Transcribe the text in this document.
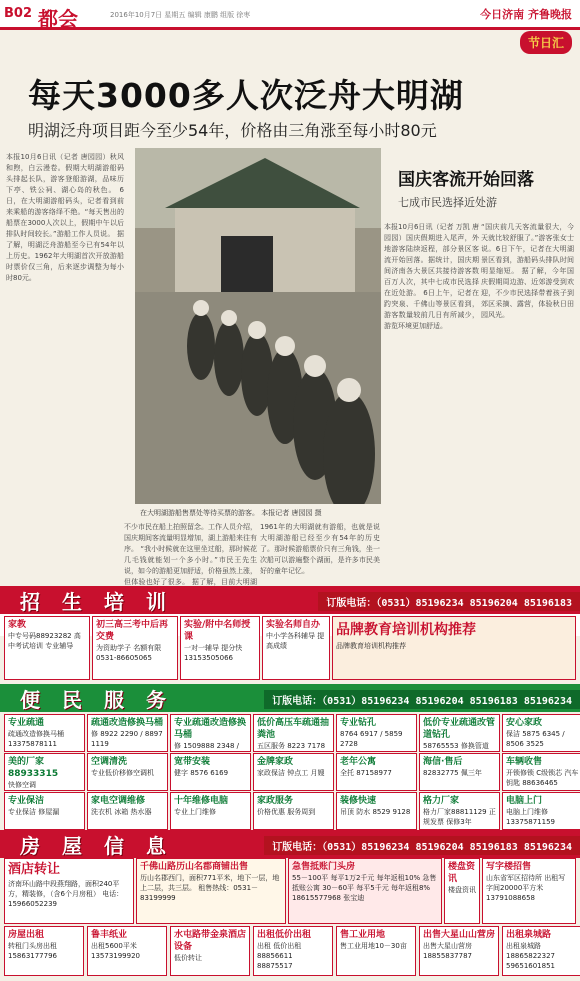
B02 都会	2016年10月7日 星期五 编辑 康鹏 组版 徐枣	今日济南 齐鲁晚报
节日汇
每天3000多人次泛舟大明湖
明湖泛舟项目距今至少54年，价格由三角涨至每小时80元
本报10月6日讯（记者 唐园园）秋风和煦，白云漫卷。假期大明湖游船码头排起长队，游客登船游湖，品味历下亭、铁公祠、湖心岛的秋色。 6日，在大明湖游船码头，记者看到前来乘船的游客络绎不绝。“每天售出的船票在3000人次以上，假期中午以后排队时间较长。”游船工作人员说。 据了解，明湖泛舟游船至今已有54年以上历史。1962年大明湖首次开放游船时票价仅三角，后来逐步调整为每小时80元。
不少市民在船上拍照留念。工作人员介绍，国庆期间客流量明显增加，湖上游船来往有序。 “我小时候就在这里坐过船，那时候花几毛钱就能划一个多小时。”市民王先生说，如今的游船更加舒适，价格虽然上涨，但体验也好了很多。 据了解，目前大明湖
1961年的大明湖就有游船，也就是说大明湖游船已经至少有54年的历史了。那时候游船票价只有三角钱，坐一次船可以游遍整个湖面，是许多市民美好的童年记忆。
在大明湖游船售票处等待买票的游客。 本报记者 唐园园 摄
国庆客流开始回落
七成市民选择近处游
本报10月6日讯（记者 万凯 唐园园）国庆假期进入尾声，外地游客陆续返程，部分景区客流开始回落。据统计，国庆期间济南各大景区共接待游客数百万人次，其中七成市民选择在近处游。 6日上午，记者在趵突泉、千佛山等景区看到，游客数量较前几日有所减少，游览环境更加舒适。
“国庆前几天客流量很大，今天就比较舒服了。”游客张女士说。6日下午，记者在大明湖景区看到，游船码头排队时间明显缩短。 据了解，今年国庆假期周边游、近郊游受到欢迎，不少市民选择带着孩子到郊区采摘、露营，体验秋日田园风光。
招生培训	订版电话：（0531）85196234 85196204 85196183
家教
中专号码88923282 高中考试培训 专业辅导
初三高三考中后再交费
为资助学子 名额有限 0531-86605065
实验/附中名师授课
一对一辅导 提分快 13153505066
实验名师自办
中小学各科辅导 提高成绩
品牌教育培训机构推荐
品牌教育培训机构推荐
便民服务	订版电话：（0531）85196234 85196204 85196183 85196234
专业疏通
疏通改造修换马桶 13375878111
疏通改造修换马桶
修 8922 2290 / 8897 1119
专业疏通改造修换马桶
修 1509888 2348 /
低价高压车疏通抽粪池
五区服务 8223 7178
专业钻孔
8764 6917 / 5859 2728
低价专业疏通改管道钻孔
58765553 修换管道
安心家政
保洁 5875 6345 / 8506 3525
美的厂家88933315
快修空调
空调清洗
专业低价移修空调机
宽带安装
健字 8576 6169
金牌家政
家政保洁 钟点工 月嫂
老年公寓
全托 87158977
海信·售后
82832775 佩三年
车辆收售
开锁修锁 C级锁芯 汽车钥匙 88636465
专业保洁
专业保洁 修屋漏
家电空调维修
洗衣机 冰箱 热水器
十年维修电脑
专业上门维修
家政服务
价格优惠 服务周到
装修快速
吊顶 防水 8529 9128
格力厂家
格力厂家88811129 正规发票 保修3年
电脑上门
电脑上门维修 13375871159
房屋信息	订版电话：（0531）85196234 85196204 85196183 85196234
酒店转让
济南环山路中段燕翔路，面积240平方，精装修，（含6个月房租） 电话：15966052239
千佛山路历山名郡商铺出售
历山名郡西门，面积771平米，地下一层，地上二层，共三层。 租售热线：0531－83199999
急售抵账门头房
55－100平 每平1万2千元 每年返租10% 急售抵账公寓 30－60平 每平5千元 每年返租8% 18615577968 张宝迪
楼盘资讯
楼盘资讯
写字楼招售
山东省军区招待所 出租写字间20000平方米 13791088658
房屋出租
转租门头房出租 15863177796
鲁丰纸业
出租5600平米 13573199920
水屯路带金泉酒店设备
低价转让
出租低价出租
出租 低价出租 88856611 88875517
售工业用地
售工业用地10－30亩
出售大星山山营房
出售大星山营房 18855837787
出租泉城路
出租泉城路 18865822327 59651601851
